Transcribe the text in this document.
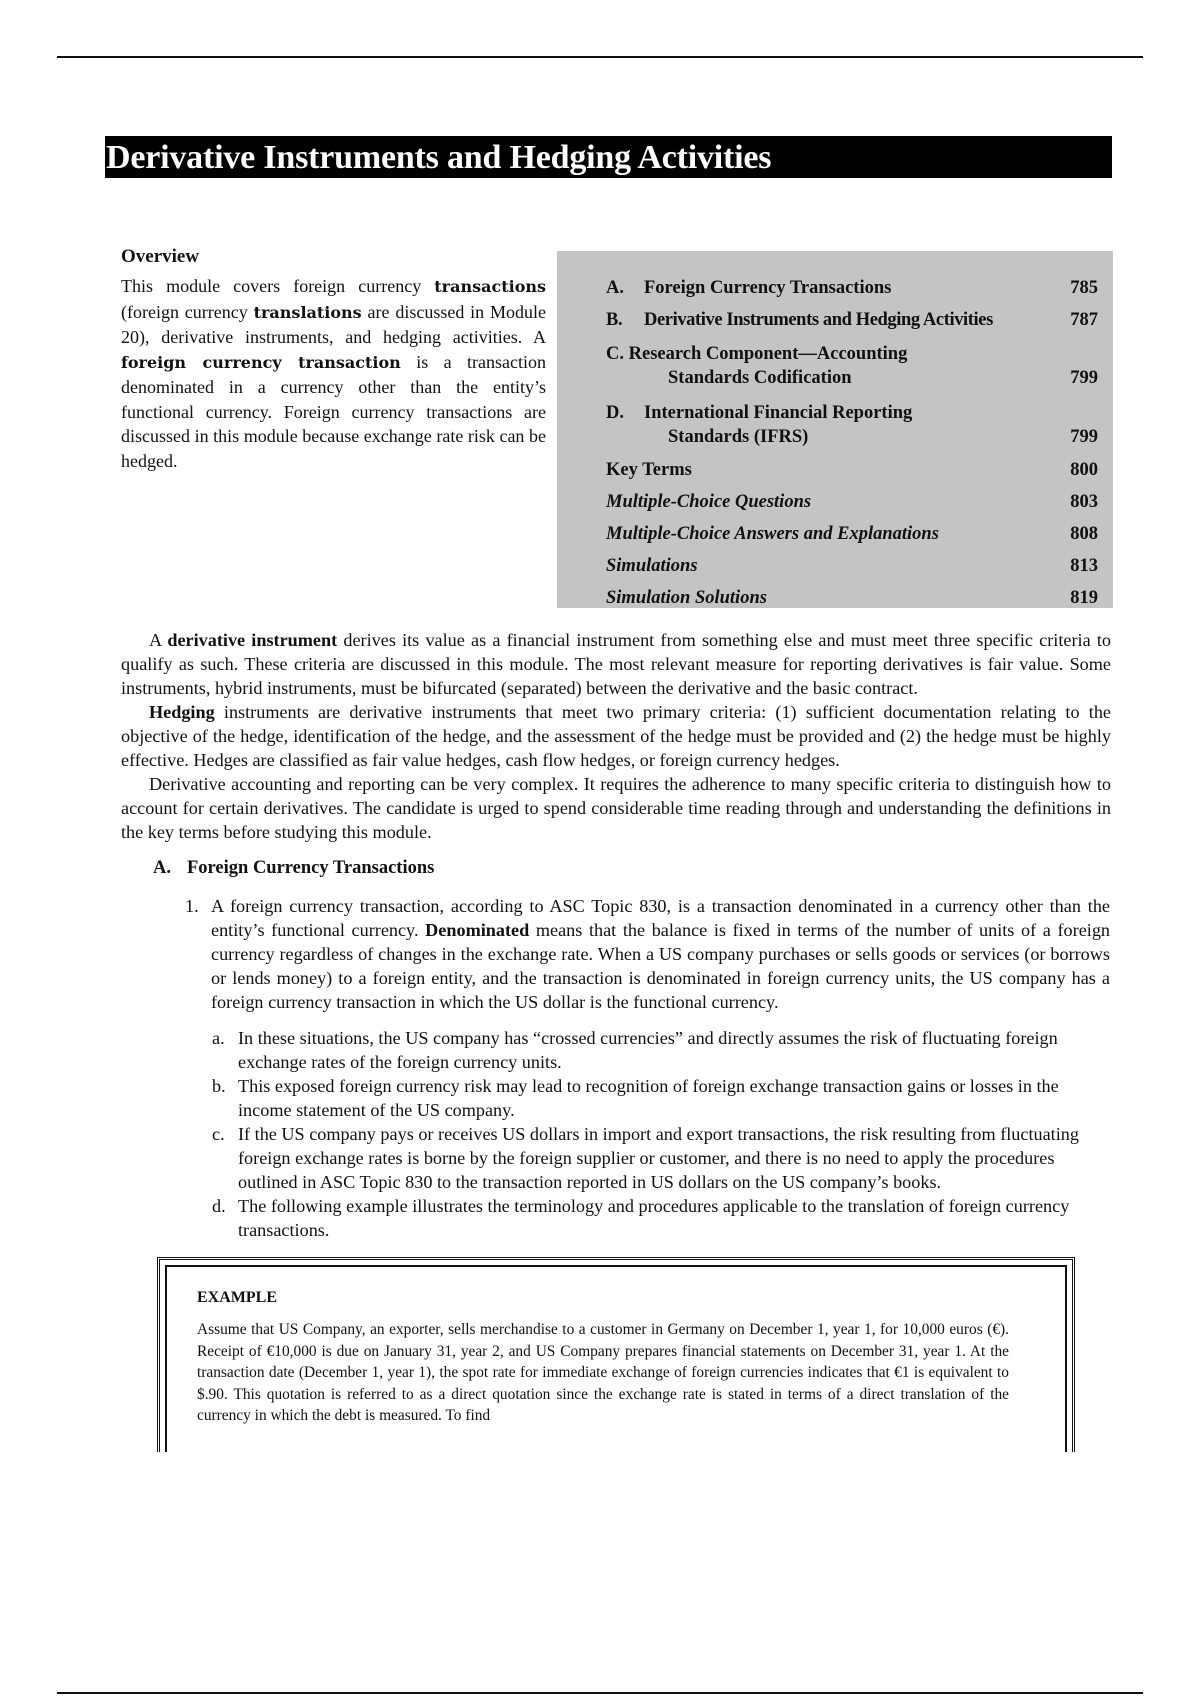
Derivative Instruments and Hedging Activities
Overview

This module covers foreign currency transactions (foreign currency translations are discussed in Module 20), derivative instruments, and hedging activities. A foreign currency transaction is a transaction denominated in a currency other than the entity’s functional currency. Foreign currency transactions are discussed in this module because exchange rate risk can be hedged.

A. Foreign Currency Transactions	785
B. Derivative Instruments and Hedging Activities	787
C. Research Component—Accounting
Standards Codification	799
D. International Financial Reporting
Standards (IFRS)	799
Key Terms	800
Multiple-Choice Questions	803
Multiple-Choice Answers and Explanations	808
Simulations	813
Simulation Solutions	819

A derivative instrument derives its value as a financial instrument from something else and must meet three specific criteria to qualify as such. These criteria are discussed in this module. The most relevant measure for reporting derivatives is fair value. Some instruments, hybrid instruments, must be bifurcated (separated) between the derivative and the basic contract.

Hedging instruments are derivative instruments that meet two primary criteria: (1) sufficient documentation relating to the objective of the hedge, identification of the hedge, and the assessment of the hedge must be provided and (2) the hedge must be highly effective. Hedges are classified as fair value hedges, cash flow hedges, or foreign currency hedges.

Derivative accounting and reporting can be very complex. It requires the adherence to many specific criteria to distinguish how to account for certain derivatives. The candidate is urged to spend considerable time reading through and understanding the definitions in the key terms before studying this module.

A. Foreign Currency Transactions
1. A foreign currency transaction, according to ASC Topic 830, is a transaction denominated in a currency other than the entity’s functional currency. Denominated means that the balance is fixed in terms of the number of units of a foreign currency regardless of changes in the exchange rate. When a US company purchases or sells goods or services (or borrows or lends money) to a foreign entity, and the transaction is denominated in foreign currency units, the US company has a foreign currency transaction in which the US dollar is the functional currency.
a. In these situations, the US company has “crossed currencies” and directly assumes the risk of fluctuating foreign exchange rates of the foreign currency units.
b. This exposed foreign currency risk may lead to recognition of foreign exchange transaction gains or losses in the income statement of the US company.
c. If the US company pays or receives US dollars in import and export transactions, the risk resulting from fluctuating foreign exchange rates is borne by the foreign supplier or customer, and there is no need to apply the procedures outlined in ASC Topic 830 to the transaction reported in US dollars on the US company’s books.
d. The following example illustrates the terminology and procedures applicable to the translation of foreign currency transactions.
EXAMPLE

Assume that US Company, an exporter, sells merchandise to a customer in Germany on December 1, year 1, for 10,000 euros (€). Receipt of €10,000 is due on January 31, year 2, and US Company prepares financial statements on December 31, year 1. At the transaction date (December 1, year 1), the spot rate for immediate exchange of foreign currencies indicates that €1 is equivalent to $.90. This quotation is referred to as a direct quotation since the exchange rate is stated in terms of a direct translation of the currency in which the debt is measured. To find
